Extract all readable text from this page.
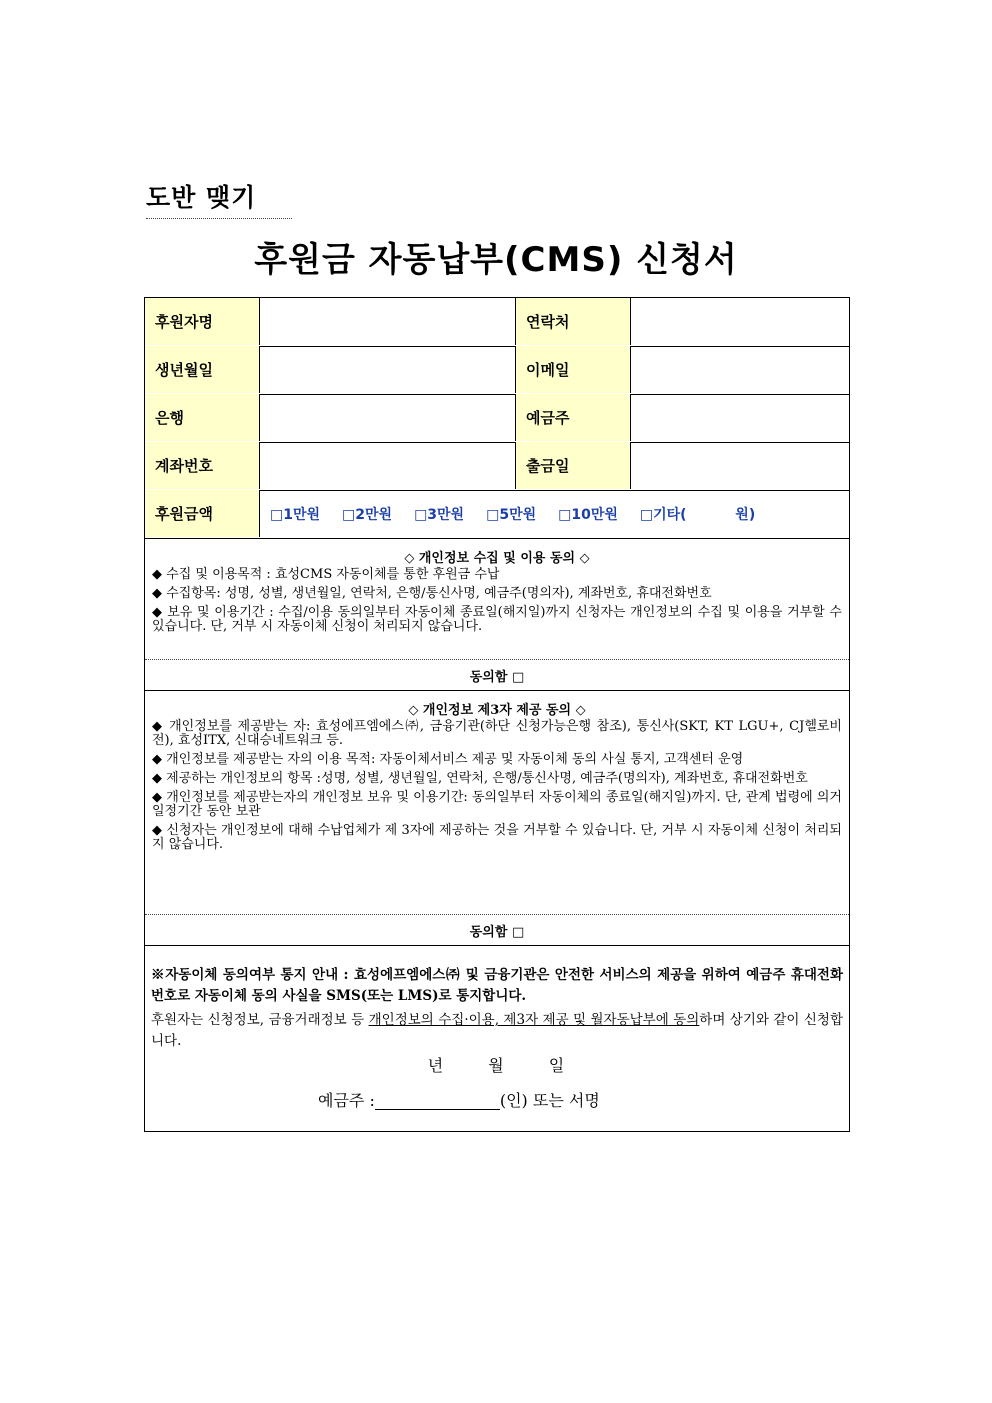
도반 맺기
후원금 자동납부(CMS) 신청서
후원자명	연락처
생년월일	이메일
은행	예금주
계좌번호	출금일
후원금액	□1만원 □2만원 □3만원 □5만원 □10만원 □기타(          원)
◇ 개인정보 수집 및 이용 동의 ◇

◆ 수집 및 이용목적 : 효성CMS 자동이체를 통한 후원금 수납

◆ 수집항목: 성명, 성별, 생년월일, 연락처, 은행/통신사명, 예금주(명의자), 계좌번호, 휴대전화번호

◆ 보유 및 이용기간 : 수집/이용 동의일부터 자동이체 종료일(해지일)까지 신청자는 개인정보의 수집 및 이용을 거부할 수 있습니다. 단, 거부 시 자동이체 신청이 처리되지 않습니다.

동의함 □
◇ 개인정보 제3자 제공 동의 ◇

◆ 개인정보를 제공받는 자: 효성에프엠에스㈜, 금융기관(하단 신청가능은행 참조), 통신사(SKT, KT LGU+, CJ헬로비전), 효성ITX, 신대승네트워크 등.

◆ 개인정보를 제공받는 자의 이용 목적: 자동이체서비스 제공 및 자동이체 동의 사실 통지, 고객센터 운영

◆ 제공하는 개인정보의 항목 :성명, 성별, 생년월일, 연락처, 은행/통신사명, 예금주(명의자), 계좌번호, 휴대전화번호

◆ 개인정보를 제공받는자의 개인정보 보유 및 이용기간: 동의일부터 자동이체의 종료일(해지일)까지. 단, 관계 법령에 의거 일정기간 동안 보관

◆ 신청자는 개인정보에 대해 수납업체가 제 3자에 제공하는 것을 거부할 수 있습니다. 단, 거부 시 자동이체 신청이 처리되지 않습니다.

동의함 □

※자동이체 동의여부 통지 안내 : 효성에프엠에스㈜ 및 금융기관은 안전한 서비스의 제공을 위하여 예금주 휴대전화번호로 자동이체 동의 사실을 SMS(또는 LMS)로 통지합니다.

후원자는 신청정보, 금융거래정보 등 개인정보의 수집·이용, 제3자 제공 및 월자동납부에 동의하며 상기와 같이 신청합니다.

년 월 일
예금주 :	(인) 또는 서명
